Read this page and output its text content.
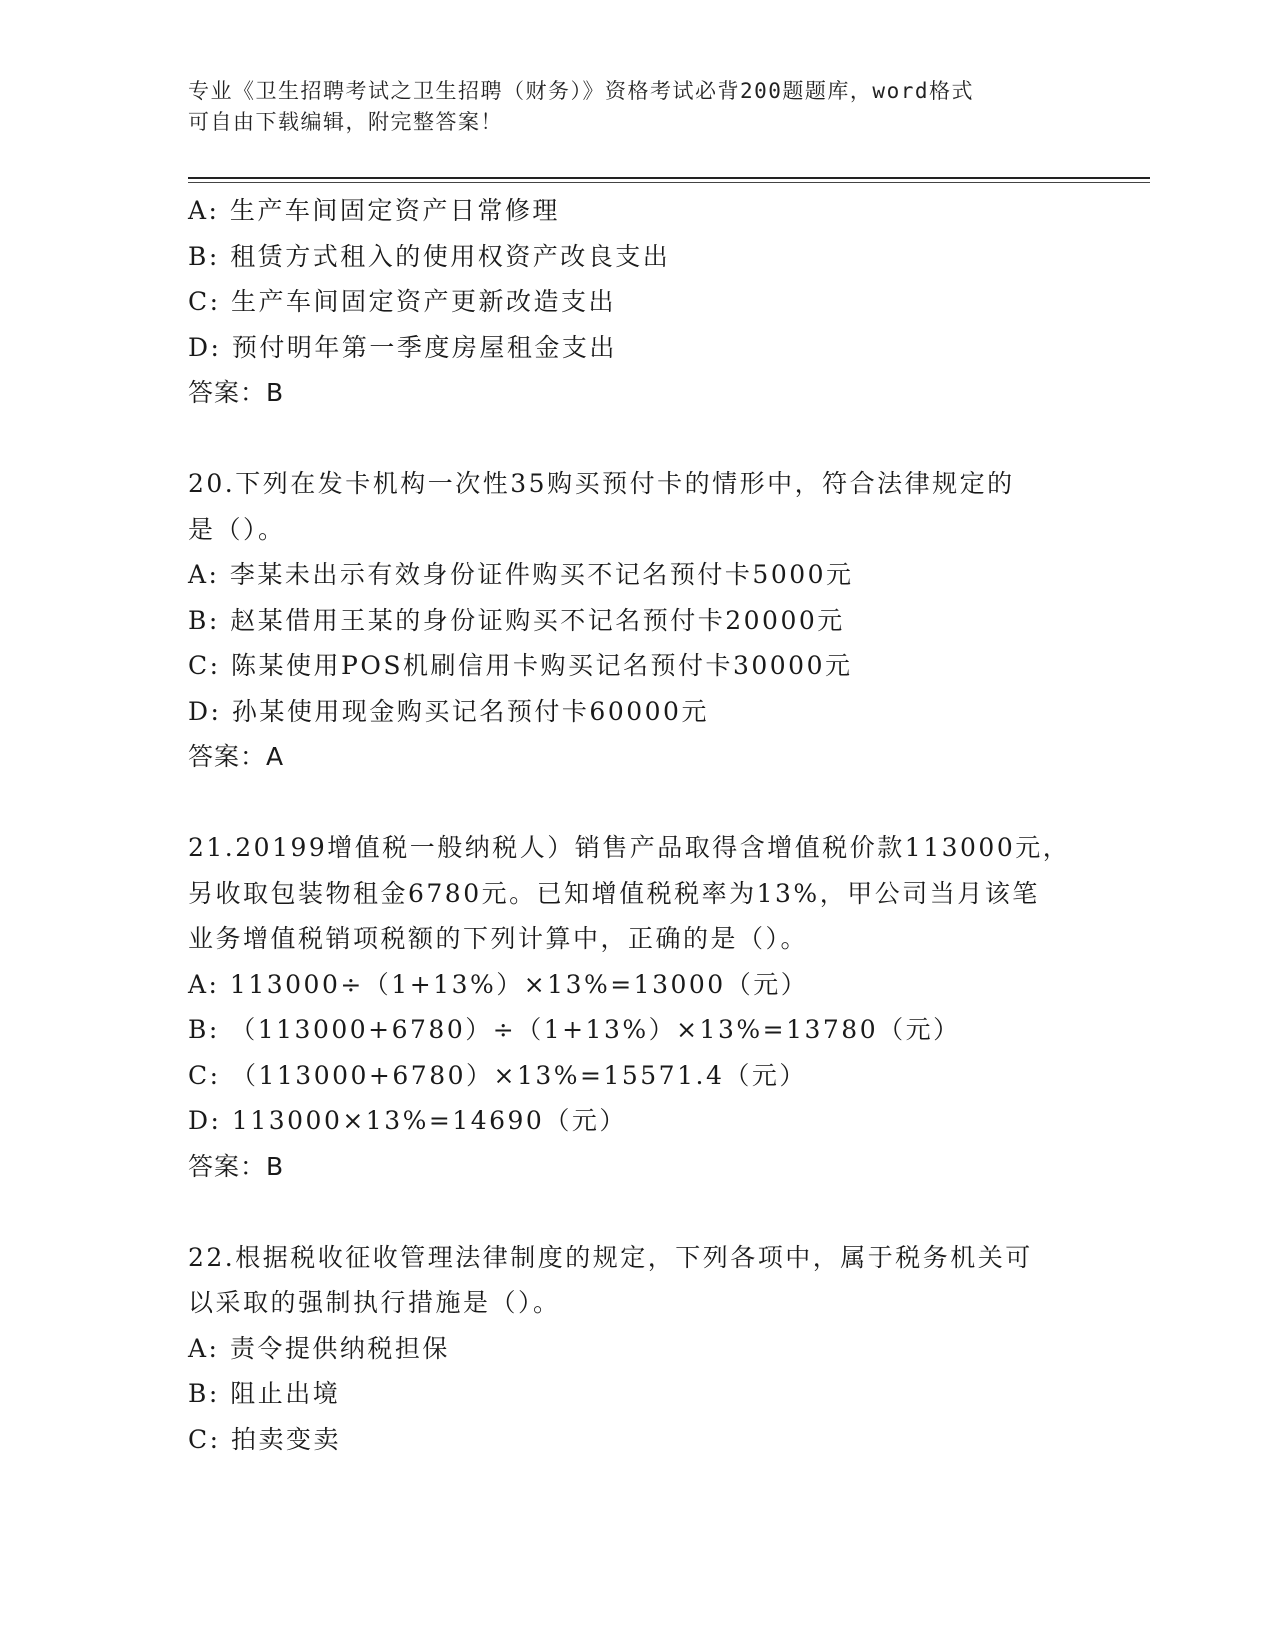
专业《卫生招聘考试之卫生招聘（财务）》资格考试必背200题题库，word格式

可自由下载编辑，附完整答案！

A: 生产车间固定资产日常修理

B: 租赁方式租入的使用权资产改良支出

C: 生产车间固定资产更新改造支出

D: 预付明年第一季度房屋租金支出

答案：B

20.下列在发卡机构一次性35购买预付卡的情形中，符合法律规定的

是（）。

A: 李某未出示有效身份证件购买不记名预付卡5000元

B: 赵某借用王某的身份证购买不记名预付卡20000元

C: 陈某使用POS机刷信用卡购买记名预付卡30000元

D: 孙某使用现金购买记名预付卡60000元

答案：A

21.20199增值税一般纳税人）销售产品取得含增值税价款113000元，

另收取包装物租金6780元。已知增值税税率为13%，甲公司当月该笔

业务增值税销项税额的下列计算中，正确的是（）。

A: 113000÷（1+13%）×13%=13000（元）

B: （113000+6780）÷（1+13%）×13%=13780（元）

C: （113000+6780）×13%=15571.4（元）

D: 113000×13%=14690（元）

答案：B

22.根据税收征收管理法律制度的规定，下列各项中，属于税务机关可

以采取的强制执行措施是（）。

A: 责令提供纳税担保

B: 阻止出境

C: 拍卖变卖
